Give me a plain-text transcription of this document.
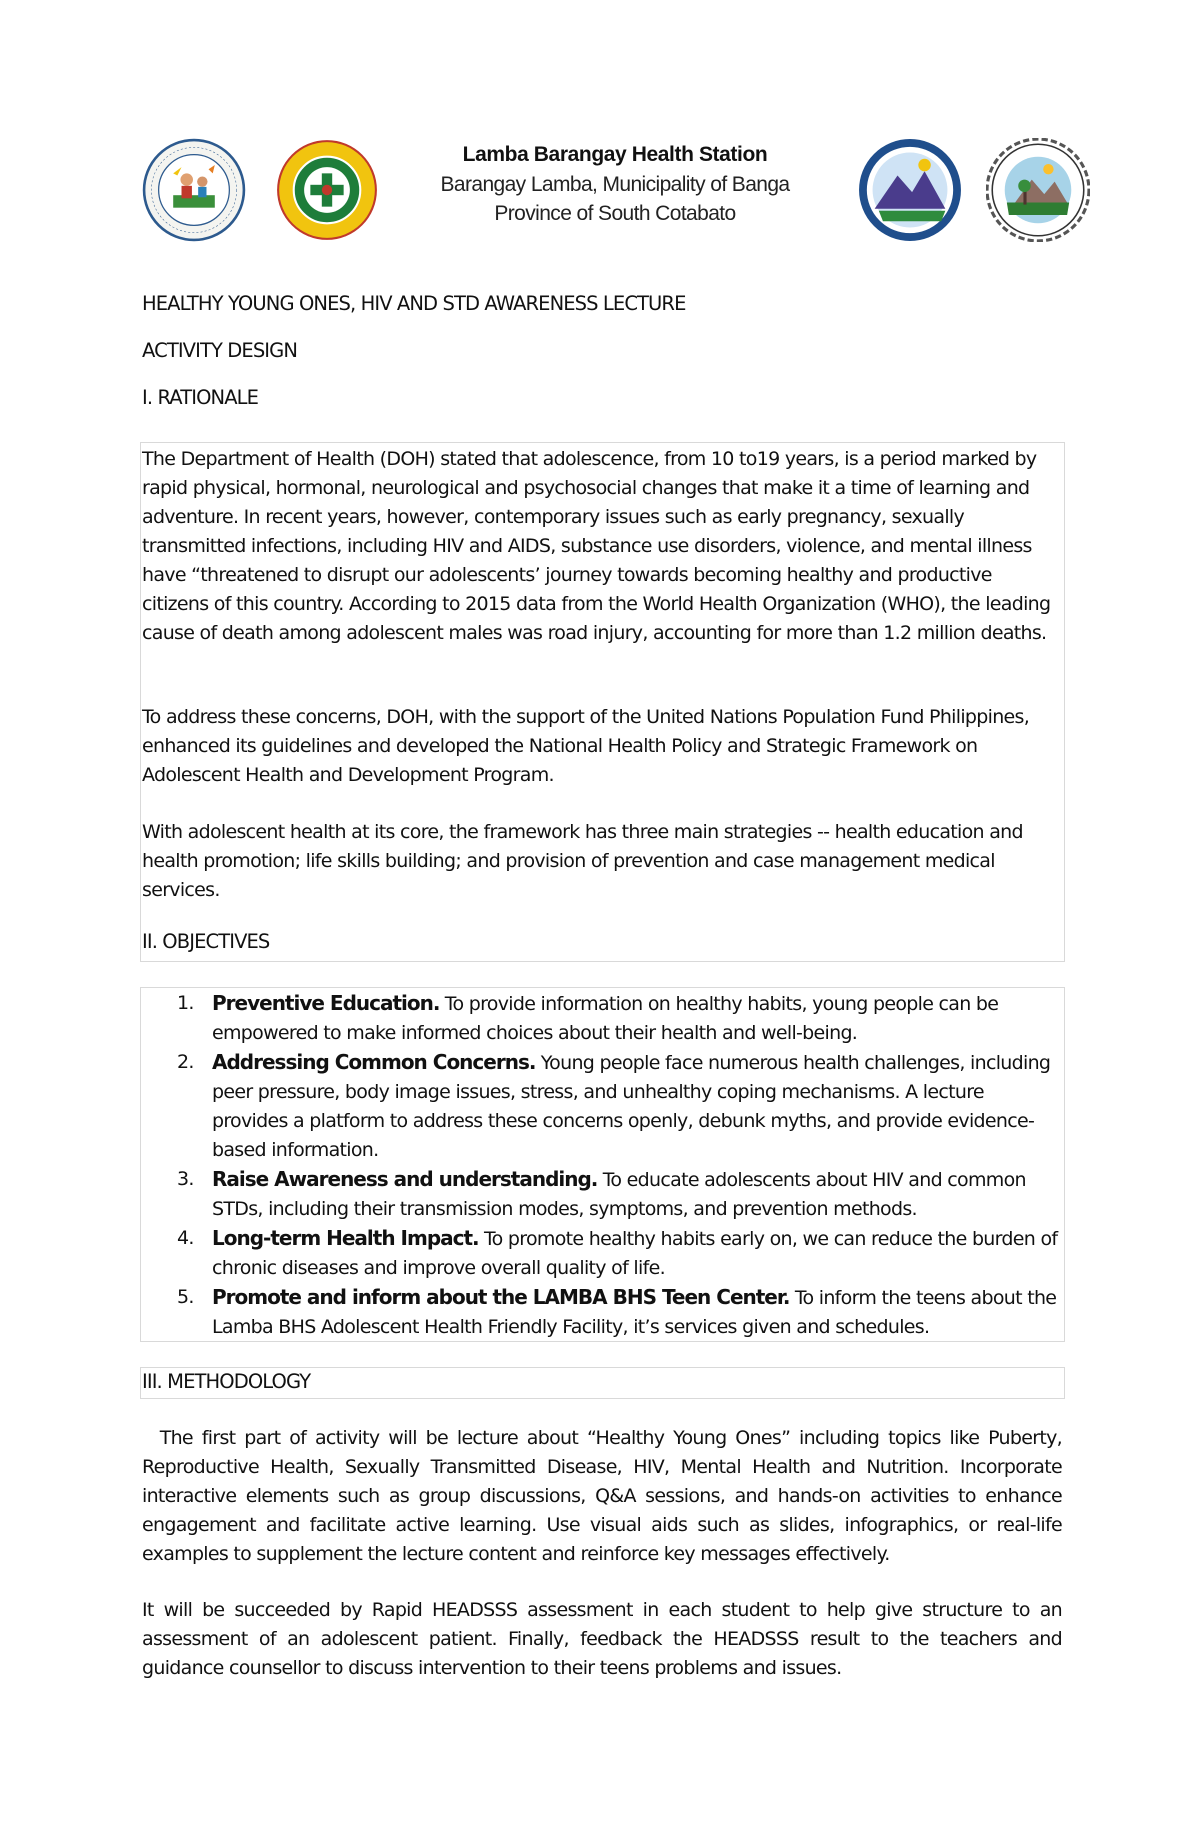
Lamba Barangay Health Station
Barangay Lamba, Municipality of Banga
Province of South Cotabato
HEALTHY YOUNG ONES, HIV AND STD AWARENESS LECTURE
ACTIVITY DESIGN
I. RATIONALE

The Department of Health (DOH) stated that adolescence, from 10 to19 years, is a period marked by rapid physical, hormonal, neurological and psychosocial changes that make it a time of learning and adventure. In recent years, however, contemporary issues such as early pregnancy, sexually transmitted infections, including HIV and AIDS, substance use disorders, violence, and mental illness have “threatened to disrupt our adolescents’ journey towards becoming healthy and productive citizens of this country. According to 2015 data from the World Health Organization (WHO), the leading cause of death among adolescent males was road injury, accounting for more than 1.2 million deaths.

To address these concerns, DOH, with the support of the United Nations Population Fund Philippines, enhanced its guidelines and developed the National Health Policy and Strategic Framework on Adolescent Health and Development Program.

With adolescent health at its core, the framework has three main strategies -- health education and health promotion; life skills building; and provision of prevention and case management medical services.

II. OBJECTIVES
1. Preventive Education. To provide information on healthy habits, young people can be empowered to make informed choices about their health and well-being.
2. Addressing Common Concerns. Young people face numerous health challenges, including peer pressure, body image issues, stress, and unhealthy coping mechanisms. A lecture provides a platform to address these concerns openly, debunk myths, and provide evidence-based information.
3. Raise Awareness and understanding. To educate adolescents about HIV and common STDs, including their transmission modes, symptoms, and prevention methods.
4. Long-term Health Impact. To promote healthy habits early on, we can reduce the burden of chronic diseases and improve overall quality of life.
5. Promote and inform about the LAMBA BHS Teen Center. To inform the teens about the Lamba BHS Adolescent Health Friendly Facility, it’s services given and schedules.
III. METHODOLOGY

The first part of activity will be lecture about “Healthy Young Ones” including topics like Puberty, Reproductive Health, Sexually Transmitted Disease, HIV, Mental Health and Nutrition. Incorporate interactive elements such as group discussions, Q&A sessions, and hands-on activities to enhance engagement and facilitate active learning. Use visual aids such as slides, infographics, or real-life examples to supplement the lecture content and reinforce key messages effectively.

It will be succeeded by Rapid HEADSSS assessment in each student to help give structure to an assessment of an adolescent patient. Finally, feedback the HEADSSS result to the teachers and guidance counsellor to discuss intervention to their teens problems and issues.
